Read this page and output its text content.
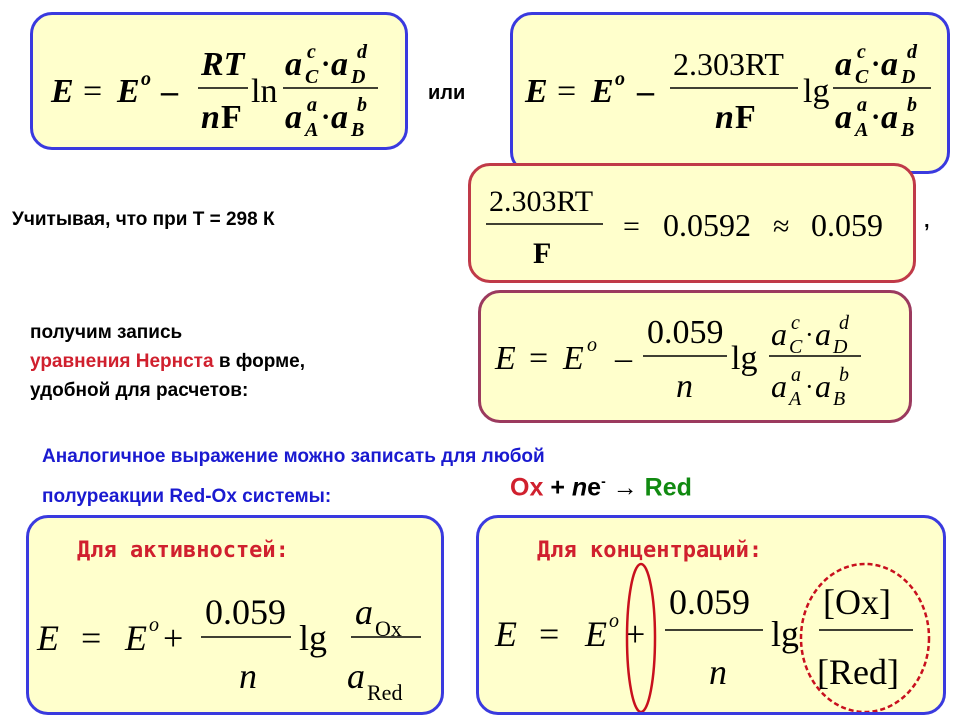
E = E o –
RT
n F
ln
a C
c · a D
d
a A
a · a B
b
или E = E o –
2.303RT
n F
lg
a C
c · a D
d
a A
a · a B
b
Учитывая, что при Т = 298 К
2.303RT
F
= 0.0592 ≈ 0.059 ,
получим запись
уравнения Нернста в форме,
удобной для расчетов:
E = E o –
0.059
n
lg
a C
c · a D
d
a A
a · a B
b
Аналогичное выражение можно записать для любой
полуреакции Red-Ox системы:	Ox + ne- → Red
Для активностей:
E = E o +
0.059
n
lg
a Ox
a Red
Для концентраций:
E = E o +
0.059
n
lg
[Ox]
[Red]
